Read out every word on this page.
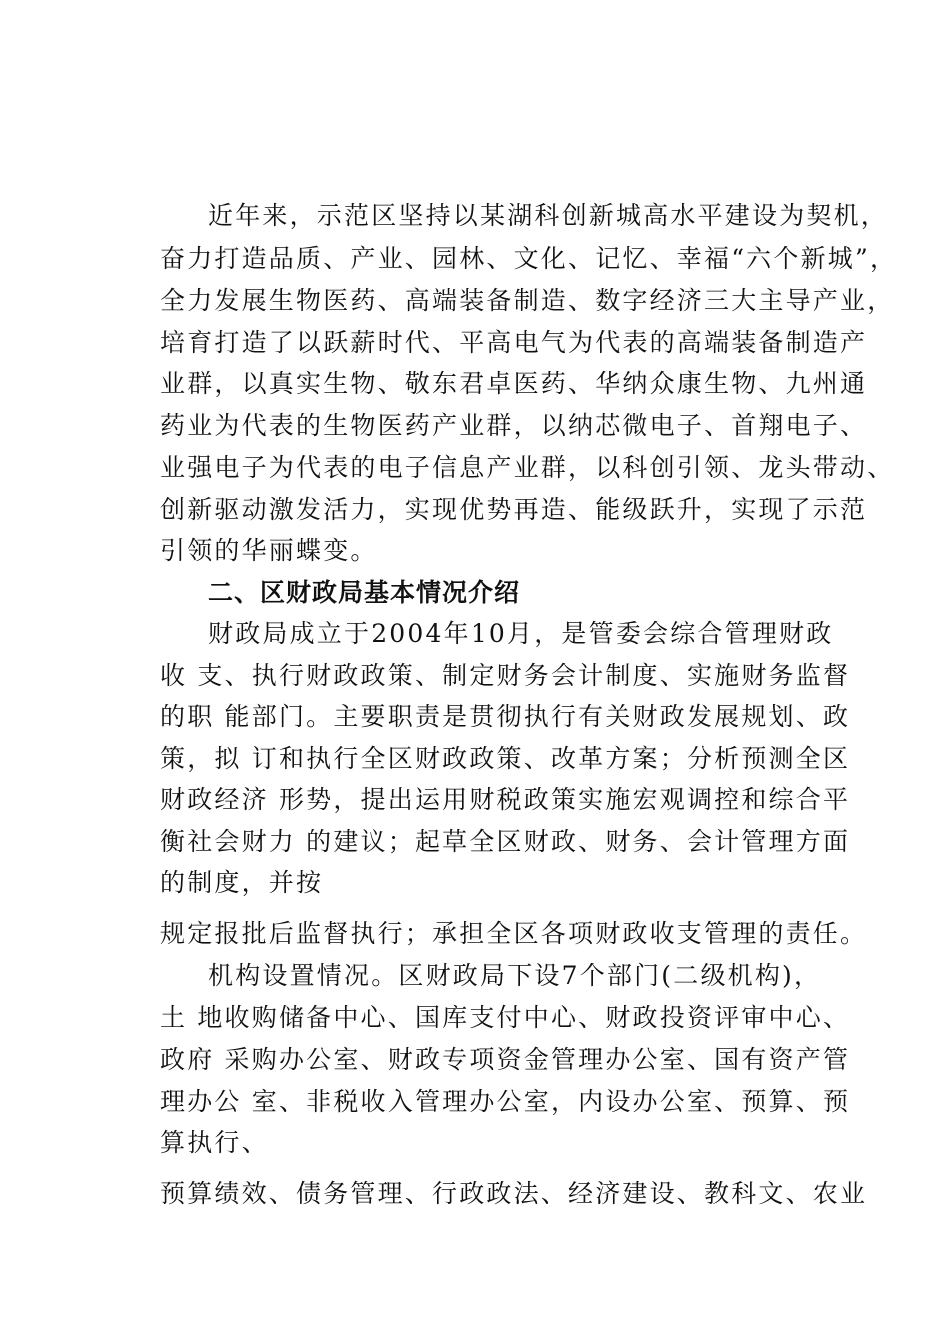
近年来，示范区坚持以某湖科创新城高水平建设为契机，
奋力打造品质、产业、园林、文化、记忆、幸福“六个新城”，
全力发展生物医药、高端装备制造、数字经济三大主导产业，
培育打造了以跃薪时代、平高电气为代表的高端装备制造产
业群，以真实生物、敬东君卓医药、华纳众康生物、九州通
药业为代表的生物医药产业群，以纳芯微电子、首翔电子、
业强电子为代表的电子信息产业群，以科创引领、龙头带动、
创新驱动激发活力，实现优势再造、能级跃升，实现了示范
引领的华丽蝶变。
二、区财政局基本情况介绍
财政局成立于2004年10月，是管委会综合管理财政
收 支、执行财政政策、制定财务会计制度、实施财务监督
的职 能部门。主要职责是贯彻执行有关财政发展规划、政
策，拟 订和执行全区财政政策、改革方案；分析预测全区
财政经济 形势，提出运用财税政策实施宏观调控和综合平
衡社会财力 的建议；起草全区财政、财务、会计管理方面
的制度，并按
规定报批后监督执行；承担全区各项财政收支管理的责任。
机构设置情况。区财政局下设7个部门(二级机构)，
土 地收购储备中心、国库支付中心、财政投资评审中心、
政府 采购办公室、财政专项资金管理办公室、国有资产管
理办公 室、非税收入管理办公室，内设办公室、预算、预
算执行、
预算绩效、债务管理、行政政法、经济建设、教科文、农业
